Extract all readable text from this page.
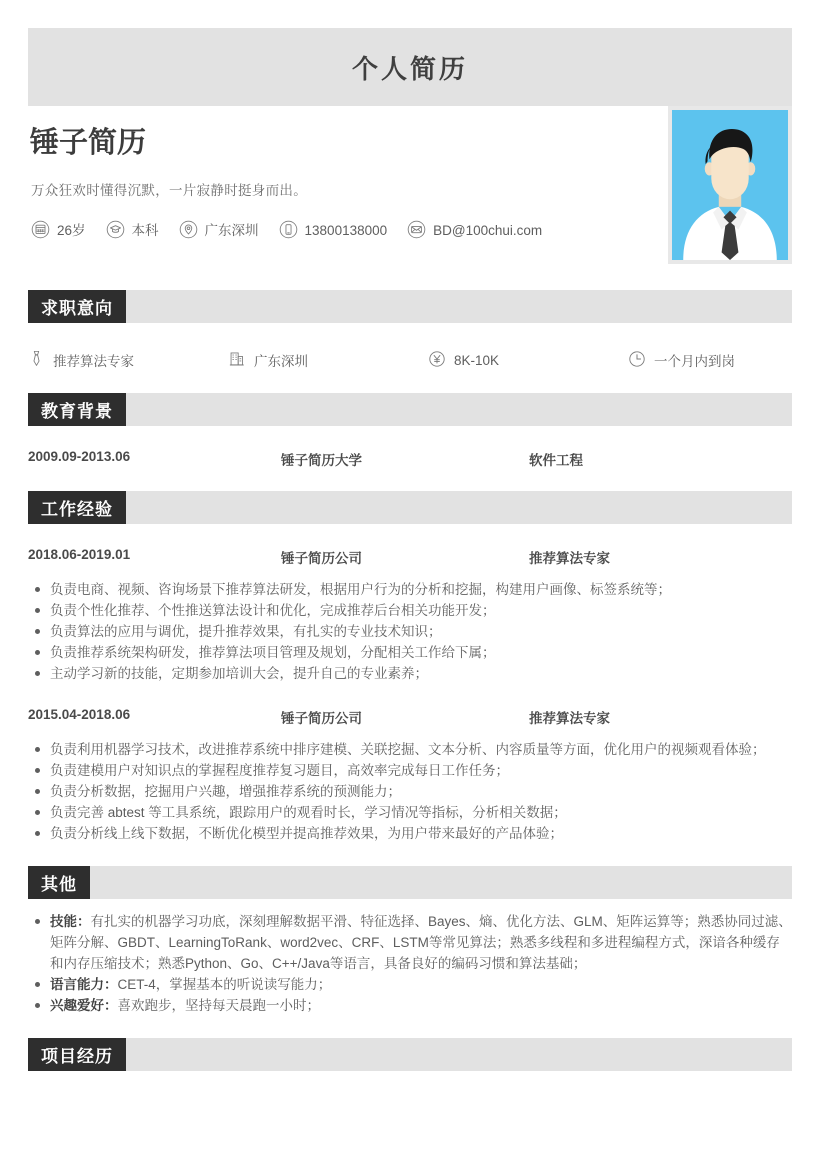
个人简历
锤子简历
万众狂欢时懂得沉默，一片寂静时挺身而出。
26岁	本科	广东深圳	13800138000	BD@100chui.com
求职意向
推荐算法专家	广东深圳	8K-10K	一个月内到岗
教育背景
2009.09-2013.06	锤子简历大学	软件工程
工作经验
2018.06-2019.01	锤子简历公司	推荐算法专家
负责电商、视频、咨询场景下推荐算法研发，根据用户行为的分析和挖掘，构建用户画像、标签系统等；
负责个性化推荐、个性推送算法设计和优化，完成推荐后台相关功能开发；
负责算法的应用与调优，提升推荐效果，有扎实的专业技术知识；
负责推荐系统架构研发，推荐算法项目管理及规划，分配相关工作给下属；
主动学习新的技能，定期参加培训大会，提升自己的专业素养；
2015.04-2018.06	锤子简历公司	推荐算法专家
负责利用机器学习技术，改进推荐系统中排序建模、关联挖掘、文本分析、内容质量等方面，优化用户的视频观看体验；
负责建模用户对知识点的掌握程度推荐复习题目，高效率完成每日工作任务；
负责分析数据，挖掘用户兴趣，增强推荐系统的预测能力；
负责完善 abtest 等工具系统，跟踪用户的观看时长，学习情况等指标，分析相关数据；
负责分析线上线下数据，不断优化模型并提高推荐效果，为用户带来最好的产品体验；
其他
技能：有扎实的机器学习功底，深刻理解数据平滑、特征选择、Bayes、熵、优化方法、GLM、矩阵运算等；熟悉协同过滤、矩阵分解、GBDT、LearningToRank、word2vec、CRF、LSTM等常见算法；熟悉多线程和多进程编程方式，深谙各种缓存和内存压缩技术；熟悉Python、Go、C++/Java等语言，具备良好的编码习惯和算法基础；
语言能力：CET-4，掌握基本的听说读写能力；
兴趣爱好：喜欢跑步，坚持每天晨跑一小时；
项目经历
